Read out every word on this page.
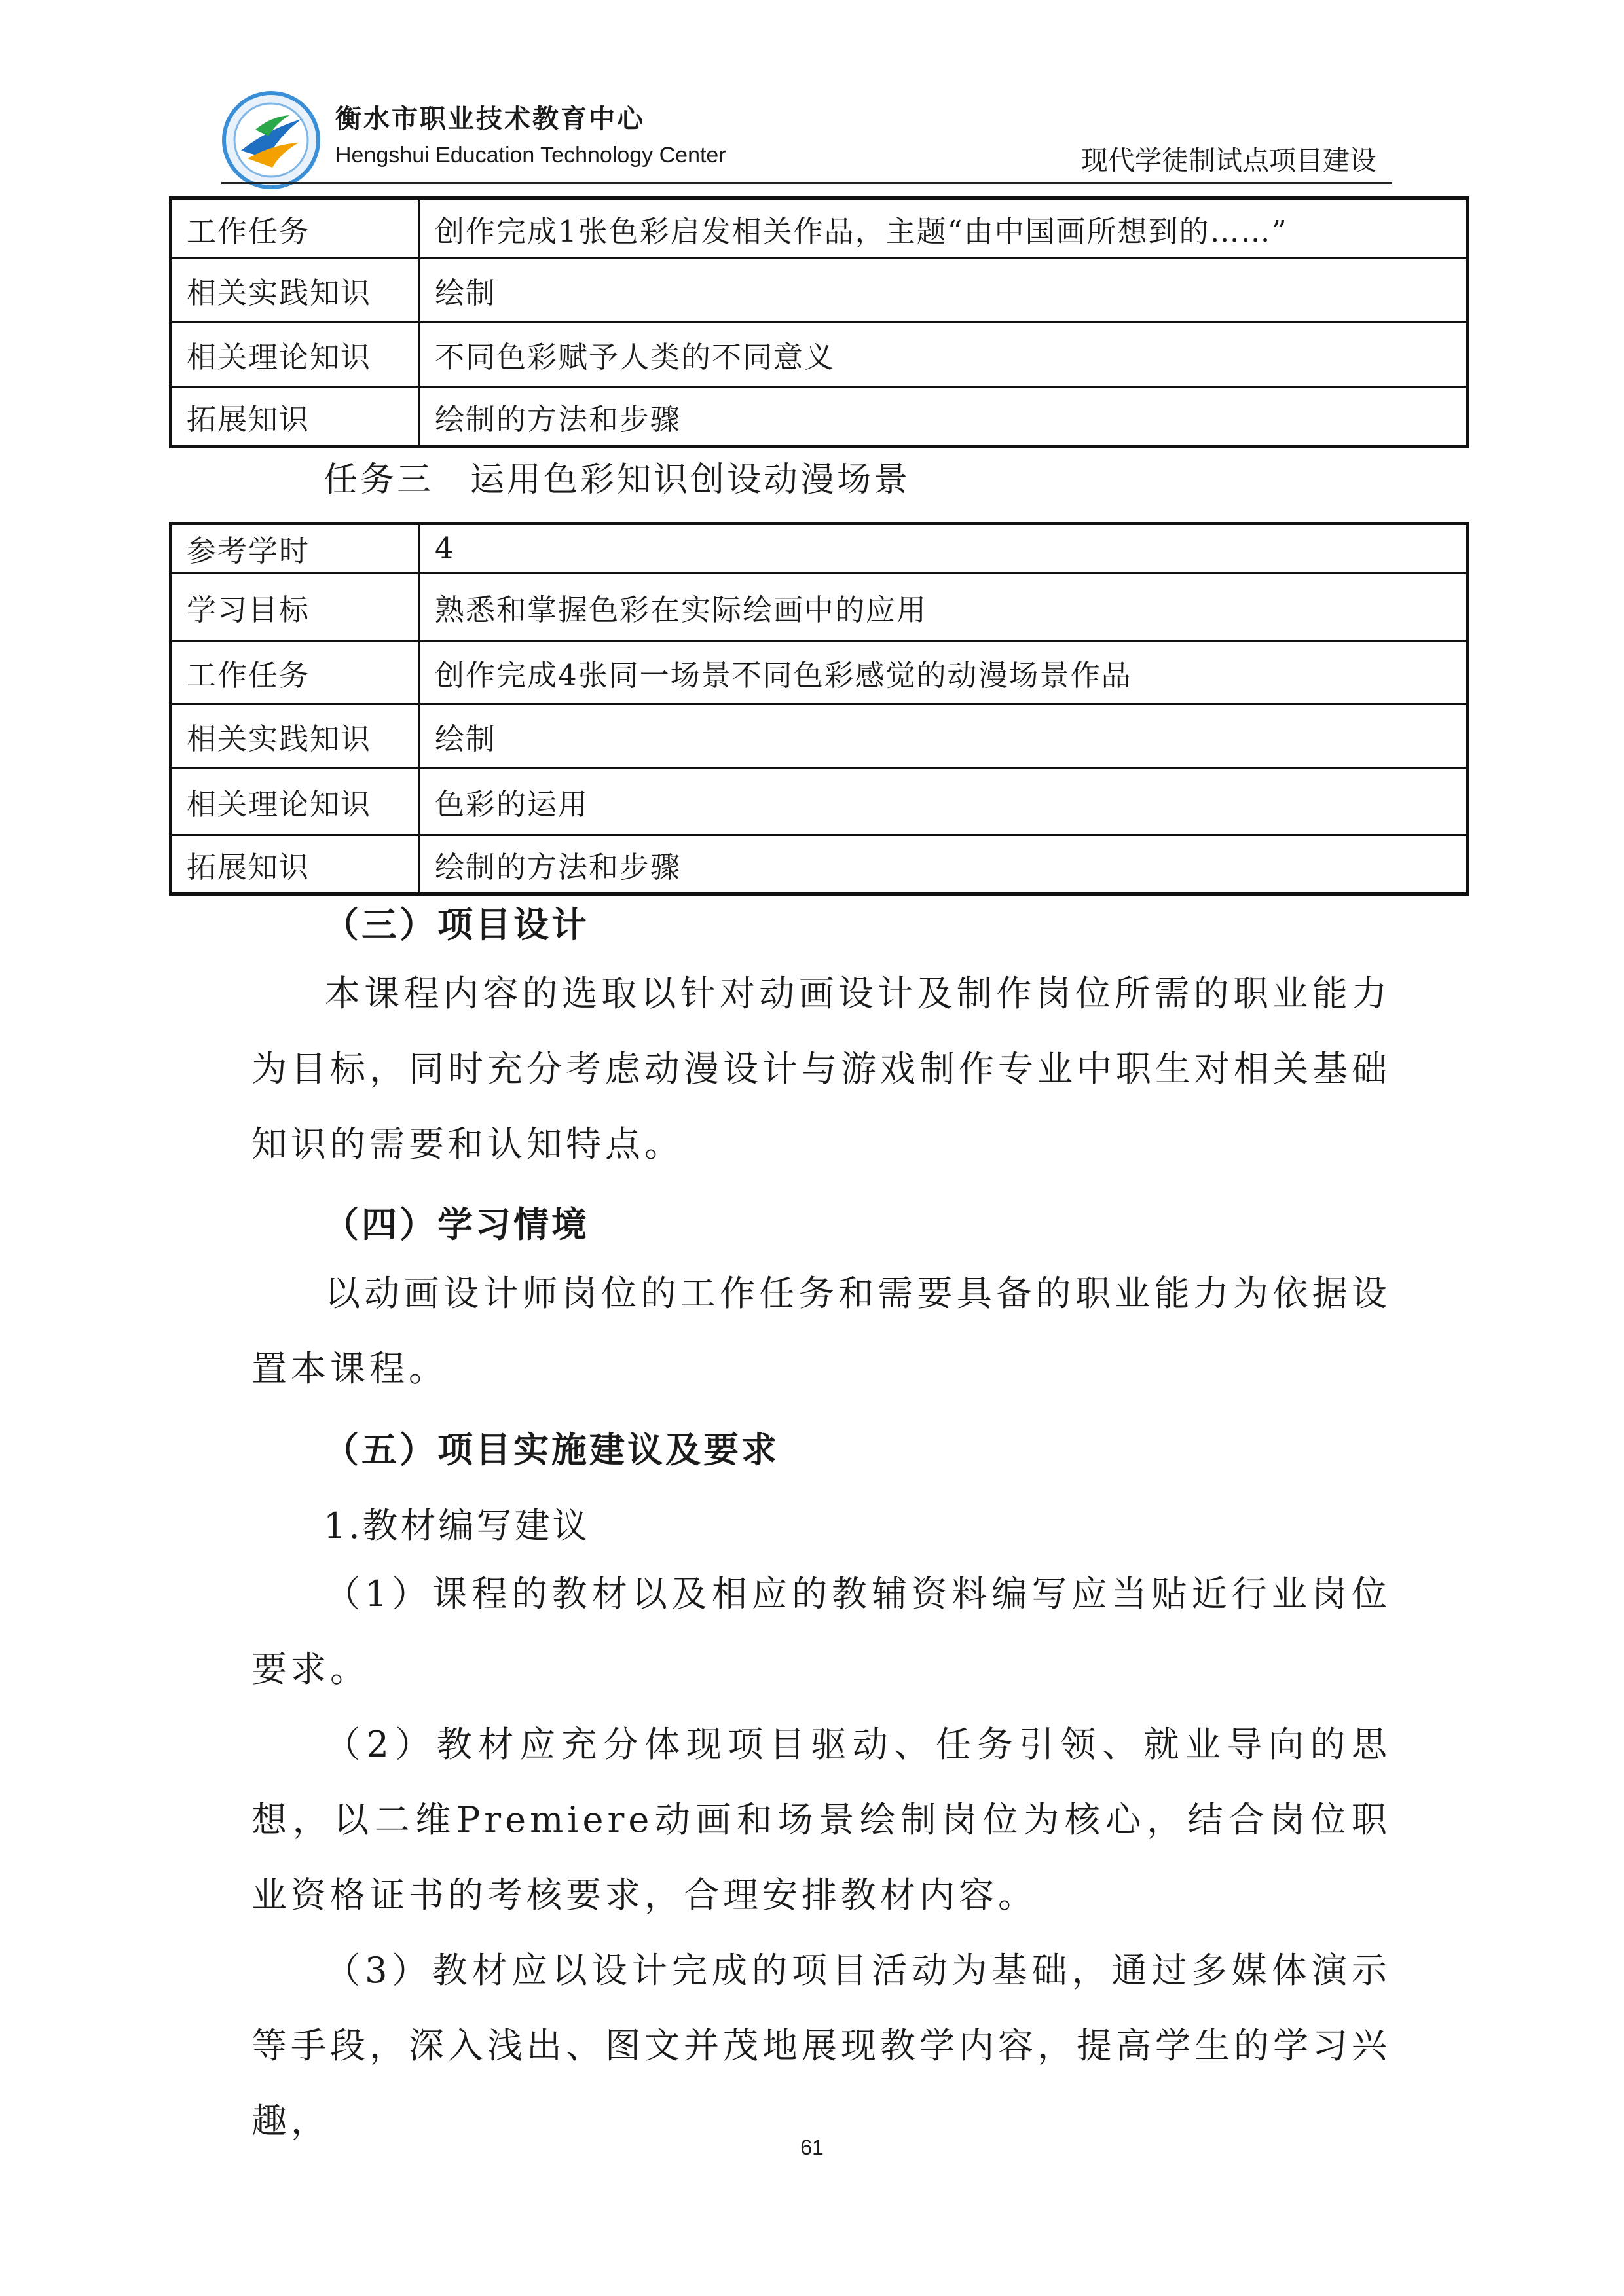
衡水市职业技术教育中心
Hengshui Education Technology Center	现代学徒制试点项目建设
工作任务	创作完成1张色彩启发相关作品，主题“由中国画所想到的……”
相关实践知识	绘制
相关理论知识	不同色彩赋予人类的不同意义
拓展知识	绘制的方法和步骤
任务三　运用色彩知识创设动漫场景
参考学时	4
学习目标	熟悉和掌握色彩在实际绘画中的应用
工作任务	创作完成4张同一场景不同色彩感觉的动漫场景作品
相关实践知识	绘制
相关理论知识	色彩的运用
拓展知识	绘制的方法和步骤
（三）项目设计
本课程内容的选取以针对动画设计及制作岗位所需的职业能力为目标，同时充分考虑动漫设计与游戏制作专业中职生对相关基础知识的需要和认知特点。
（四）学习情境
以动画设计师岗位的工作任务和需要具备的职业能力为依据设置本课程。
（五）项目实施建议及要求
1.教材编写建议
（1）课程的教材以及相应的教辅资料编写应当贴近行业岗位要求。
（2）教材应充分体现项目驱动、任务引领、就业导向的思想，以二维Premiere动画和场景绘制岗位为核心，结合岗位职业资格证书的考核要求，合理安排教材内容。
（3）教材应以设计完成的项目活动为基础，通过多媒体演示等手段，深入浅出、图文并茂地展现教学内容，提高学生的学习兴趣，
61
